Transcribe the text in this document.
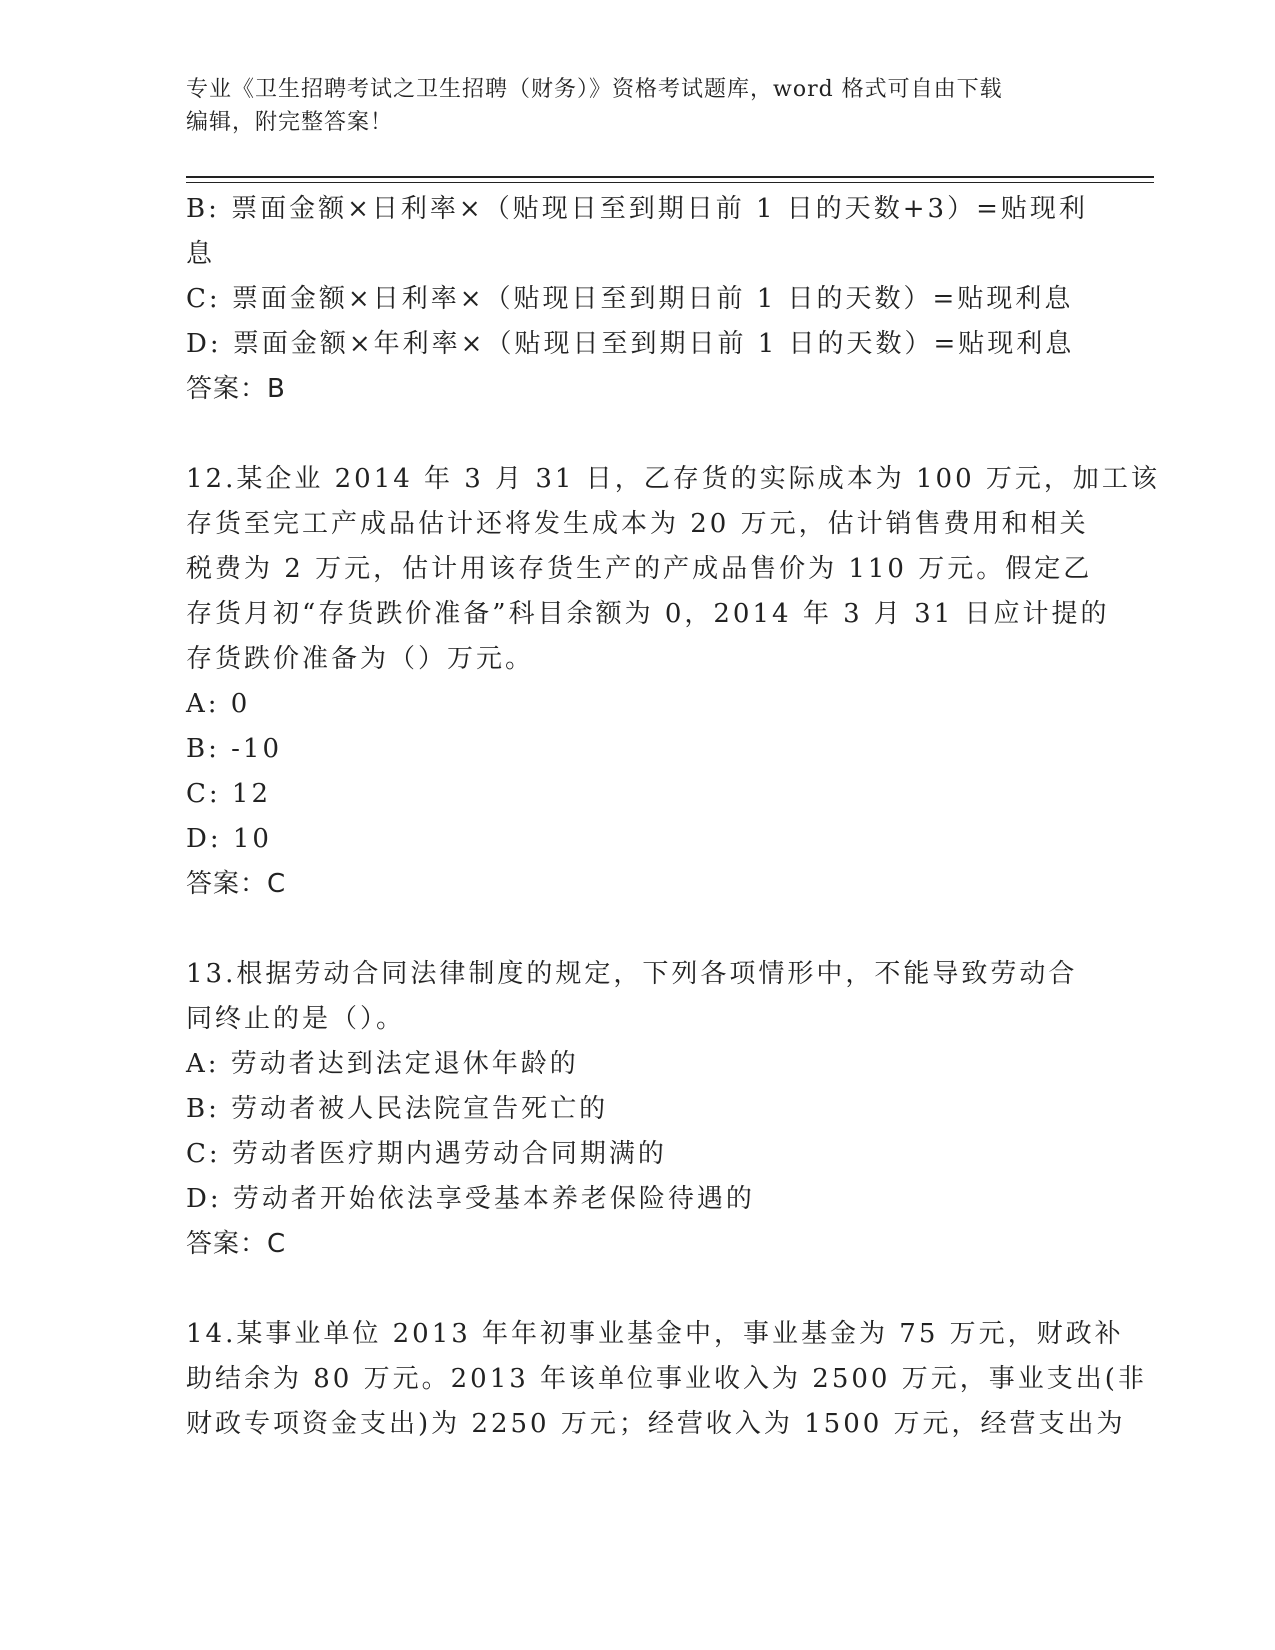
专业《卫生招聘考试之卫生招聘（财务）》资格考试题库，word 格式可自由下载
编辑，附完整答案！
B: 票面金额×日利率×（贴现日至到期日前 1 日的天数+3）=贴现利
息
C: 票面金额×日利率×（贴现日至到期日前 1 日的天数）=贴现利息
D: 票面金额×年利率×（贴现日至到期日前 1 日的天数）=贴现利息
答案：B
12.某企业 2014 年 3 月 31 日，乙存货的实际成本为 100 万元，加工该
存货至完工产成品估计还将发生成本为 20 万元，估计销售费用和相关
税费为 2 万元，估计用该存货生产的产成品售价为 110 万元。假定乙
存货月初“存货跌价准备”科目余额为 0，2014 年 3 月 31 日应计提的
存货跌价准备为（）万元。
A: 0
B: -10
C: 12
D: 10
答案：C
13.根据劳动合同法律制度的规定，下列各项情形中，不能导致劳动合
同终止的是（）。
A: 劳动者达到法定退休年龄的
B: 劳动者被人民法院宣告死亡的
C: 劳动者医疗期内遇劳动合同期满的
D: 劳动者开始依法享受基本养老保险待遇的
答案：C
14.某事业单位 2013 年年初事业基金中，事业基金为 75 万元，财政补
助结余为 80 万元。2013 年该单位事业收入为 2500 万元，事业支出(非
财政专项资金支出)为 2250 万元；经营收入为 1500 万元，经营支出为
